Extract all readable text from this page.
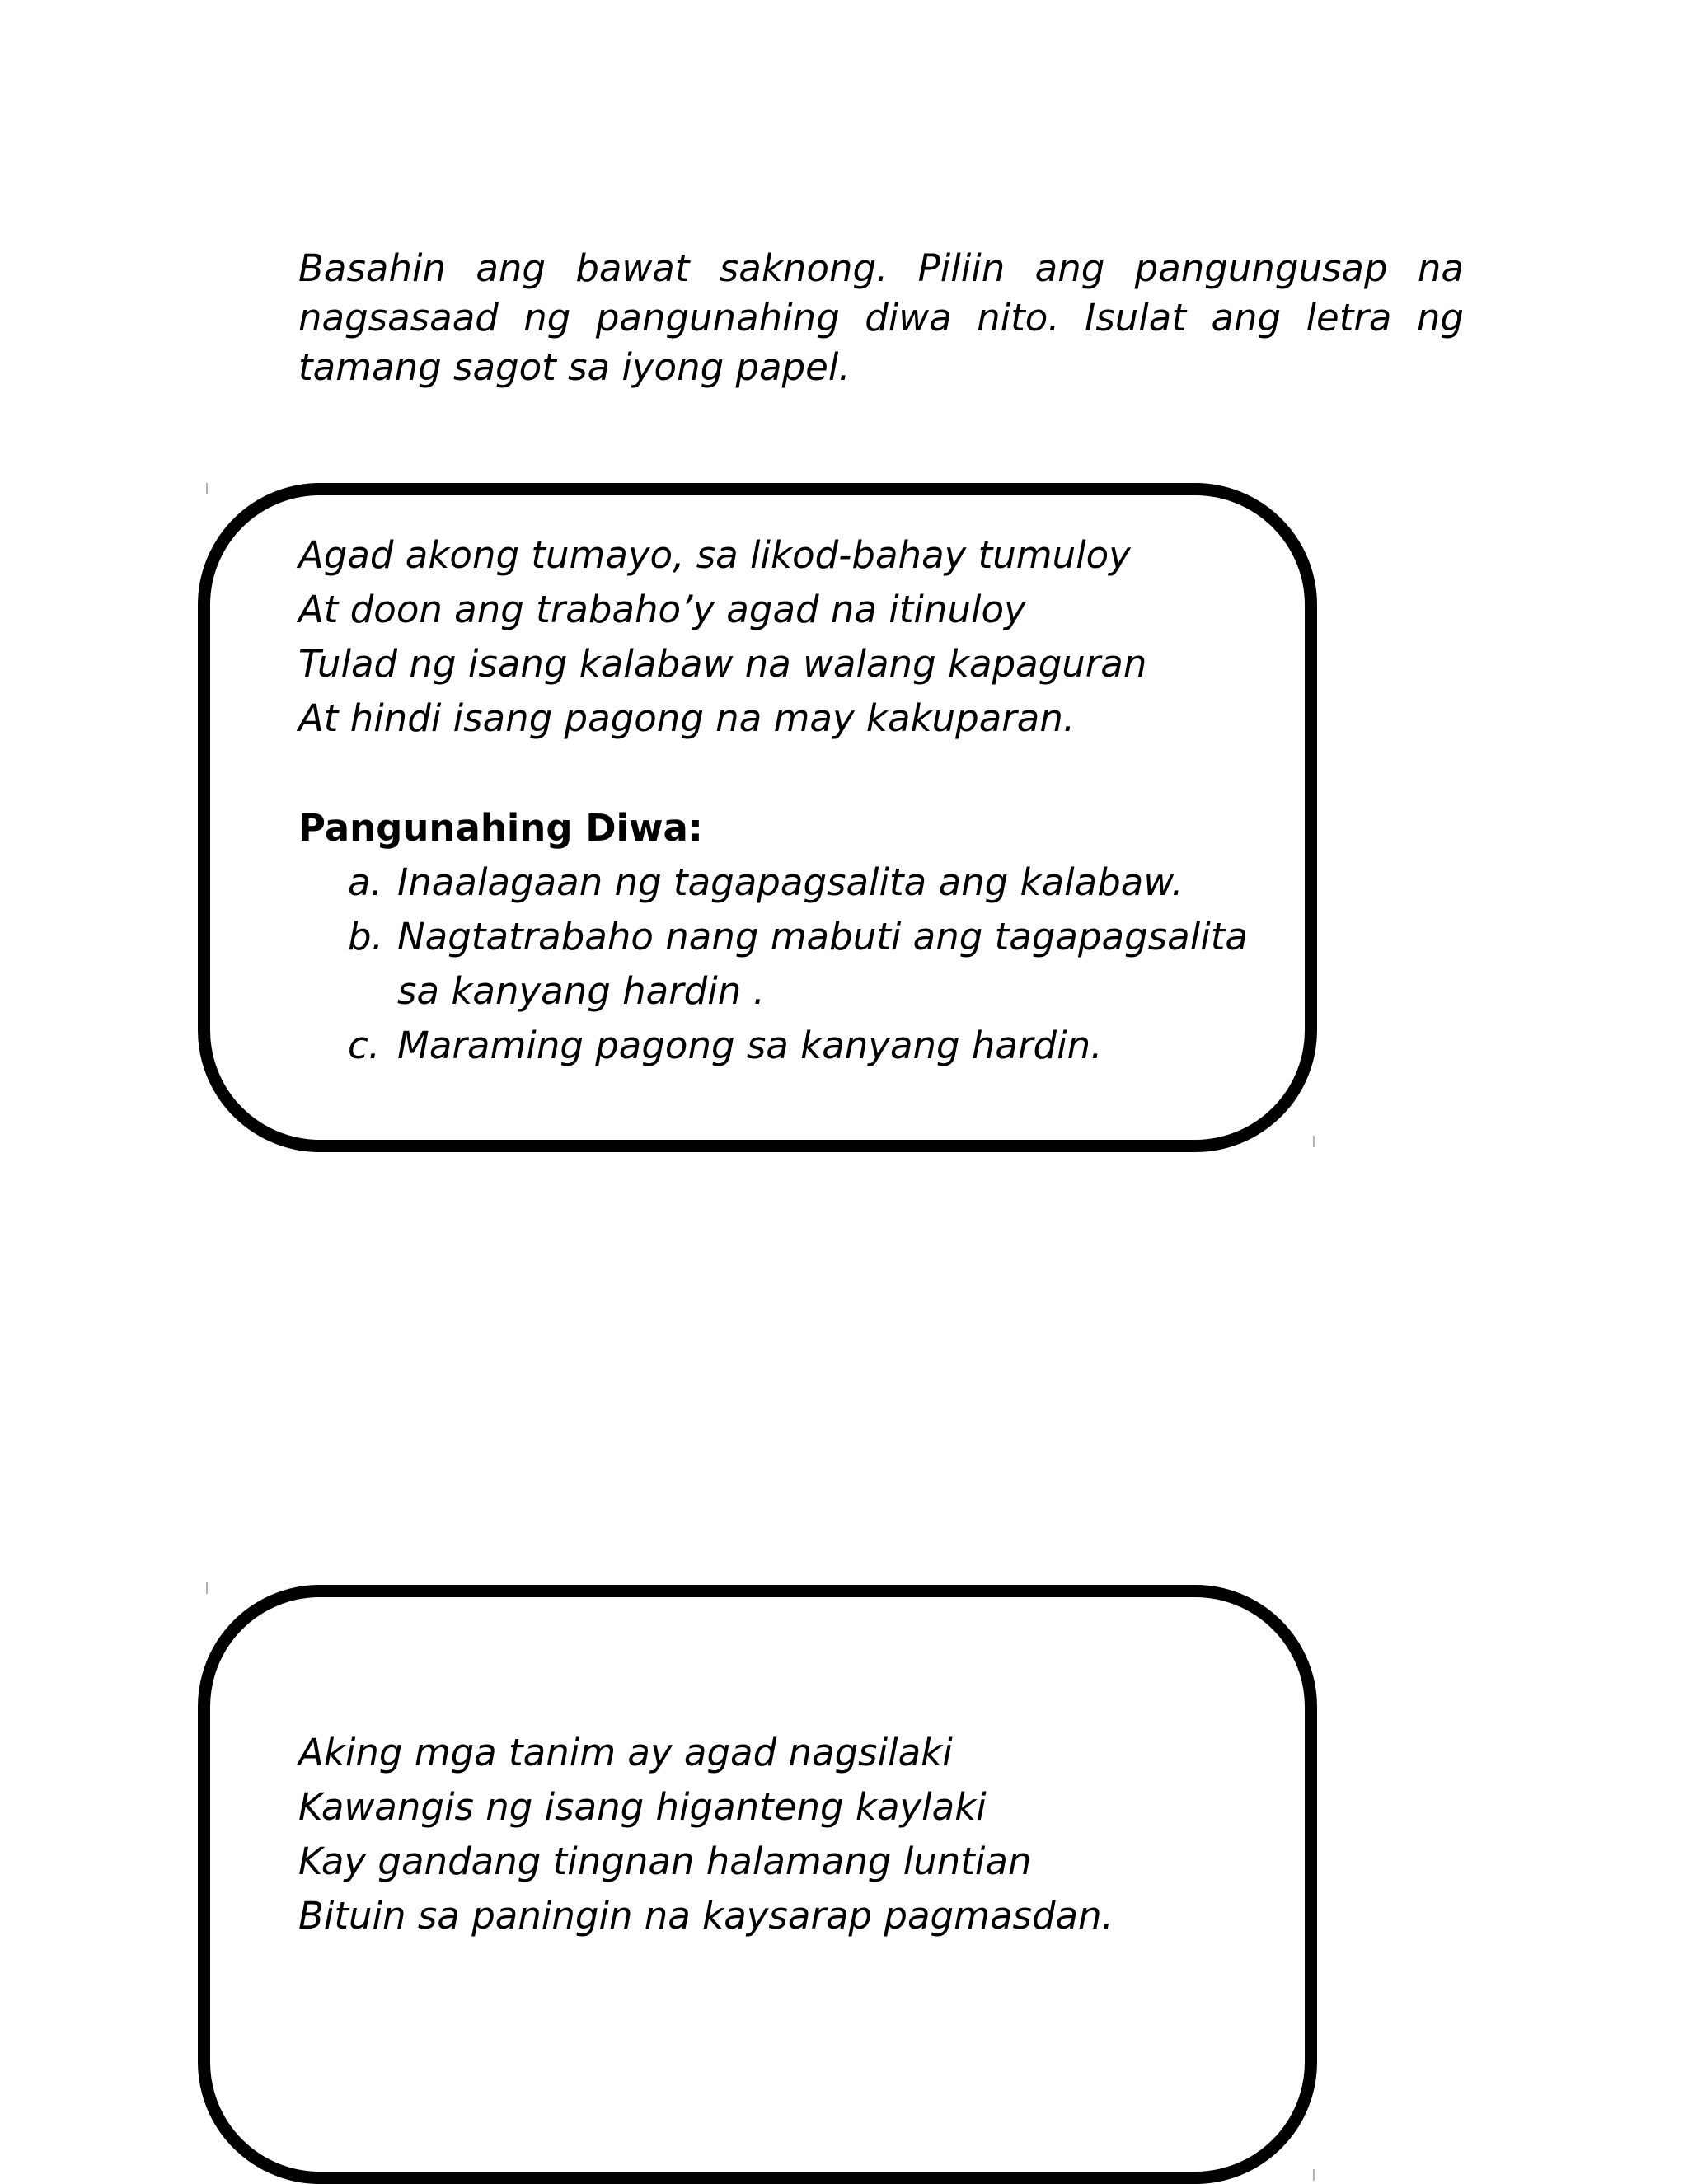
Basahin ang bawat saknong. Piliin ang pangungusap na nagsasaad ng pangunahing diwa nito. Isulat ang letra ng tamang sagot sa iyong papel.

Agad akong tumayo, sa likod-bahay tumuloy
At doon ang trabaho’y agad na itinuloy
Tulad ng isang kalabaw na walang kapaguran
At hindi isang pagong na may kakuparan.

Pangunahing Diwa:

a. Inaalagaan ng tagapagsalita ang kalabaw.
b. Nagtatrabaho nang mabuti ang tagapagsalita sa kanyang hardin .
c. Maraming pagong sa kanyang hardin.
Aking mga tanim ay agad nagsilaki
Kawangis ng isang higanteng kaylaki
Kay gandang tingnan halamang luntian
Bituin sa paningin na kaysarap pagmasdan.
